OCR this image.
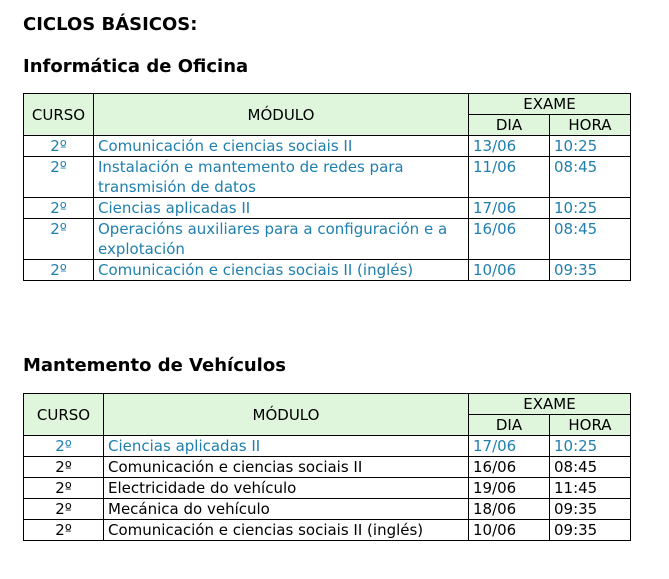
CICLOS BÁSICOS:

Informática de Oficina

CURSO	MÓDULO	EXAME	
		DIA	HORA
2º	Comunicación e ciencias sociais II	13/06	10:25
2º	Instalación e mantemento de redes para transmisión de datos	11/06	08:45
2º	Ciencias aplicadas II	17/06	10:25
2º	Operacións auxiliares para a configuración e a explotación	16/06	08:45
2º	Comunicación e ciencias sociais II (inglés)	10/06	09:35

Mantemento de Vehículos

CURSO	MÓDULO	EXAME	
		DIA	HORA
2º	Ciencias aplicadas II	17/06	10:25
2º	Comunicación e ciencias sociais II	16/06	08:45
2º	Electricidade do vehículo	19/06	11:45
2º	Mecánica do vehículo	18/06	09:35
2º	Comunicación e ciencias sociais II (inglés)	10/06	09:35
